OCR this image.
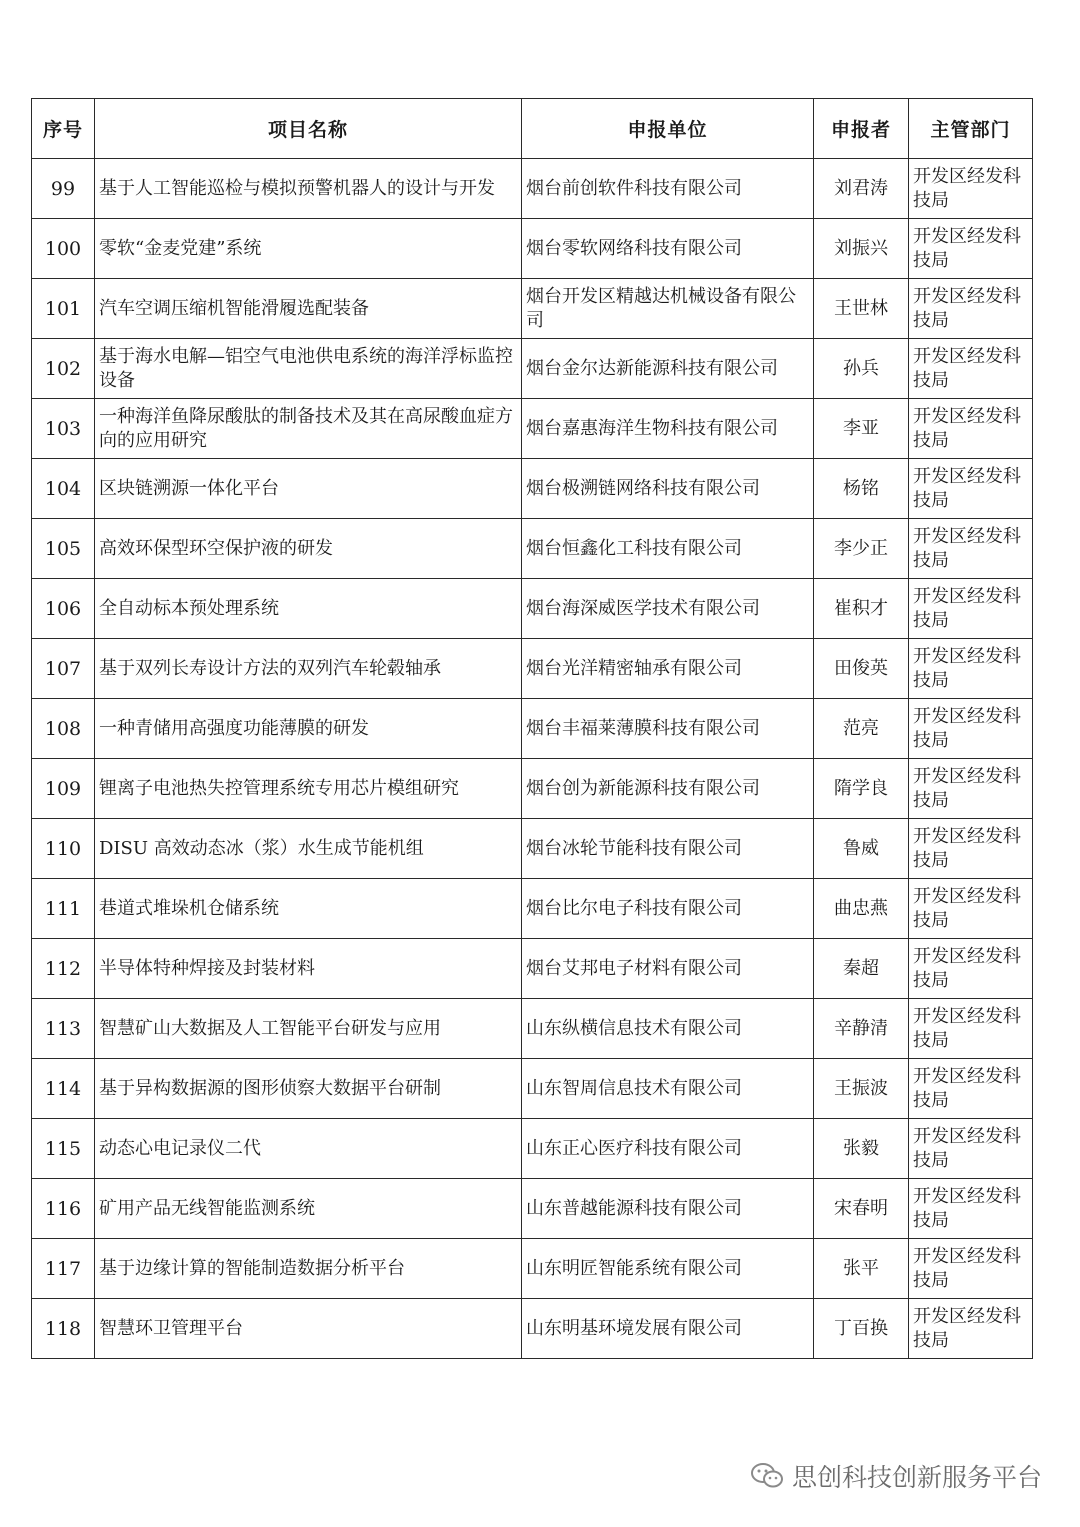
序号	项目名称	申报单位	申报者	主管部门
99	基于人工智能巡检与模拟预警机器人的设计与开发	烟台前创软件科技有限公司	刘君涛	开发区经发科技局
100	零软“金麦党建”系统	烟台零软网络科技有限公司	刘振兴	开发区经发科技局
101	汽车空调压缩机智能滑履选配装备	烟台开发区精越达机械设备有限公司	王世林	开发区经发科技局
102	基于海水电解—铝空气电池供电系统的海洋浮标监控设备	烟台金尔达新能源科技有限公司	孙兵	开发区经发科技局
103	一种海洋鱼降尿酸肽的制备技术及其在高尿酸血症方向的应用研究	烟台嘉惠海洋生物科技有限公司	李亚	开发区经发科技局
104	区块链溯源一体化平台	烟台极溯链网络科技有限公司	杨铭	开发区经发科技局
105	高效环保型环空保护液的研发	烟台恒鑫化工科技有限公司	李少正	开发区经发科技局
106	全自动标本预处理系统	烟台海深威医学技术有限公司	崔积才	开发区经发科技局
107	基于双列长寿设计方法的双列汽车轮毂轴承	烟台光洋精密轴承有限公司	田俊英	开发区经发科技局
108	一种青储用高强度功能薄膜的研发	烟台丰福莱薄膜科技有限公司	范亮	开发区经发科技局
109	锂离子电池热失控管理系统专用芯片模组研究	烟台创为新能源科技有限公司	隋学良	开发区经发科技局
110	DISU 高效动态冰（浆）水生成节能机组	烟台冰轮节能科技有限公司	鲁威	开发区经发科技局
111	巷道式堆垛机仓储系统	烟台比尔电子科技有限公司	曲忠燕	开发区经发科技局
112	半导体特种焊接及封装材料	烟台艾邦电子材料有限公司	秦超	开发区经发科技局
113	智慧矿山大数据及人工智能平台研发与应用	山东纵横信息技术有限公司	辛静清	开发区经发科技局
114	基于异构数据源的图形侦察大数据平台研制	山东智周信息技术有限公司	王振波	开发区经发科技局
115	动态心电记录仪二代	山东正心医疗科技有限公司	张毅	开发区经发科技局
116	矿用产品无线智能监测系统	山东普越能源科技有限公司	宋春明	开发区经发科技局
117	基于边缘计算的智能制造数据分析平台	山东明匠智能系统有限公司	张平	开发区经发科技局
118	智慧环卫管理平台	山东明基环境发展有限公司	丁百换	开发区经发科技局
思创科技创新服务平台
